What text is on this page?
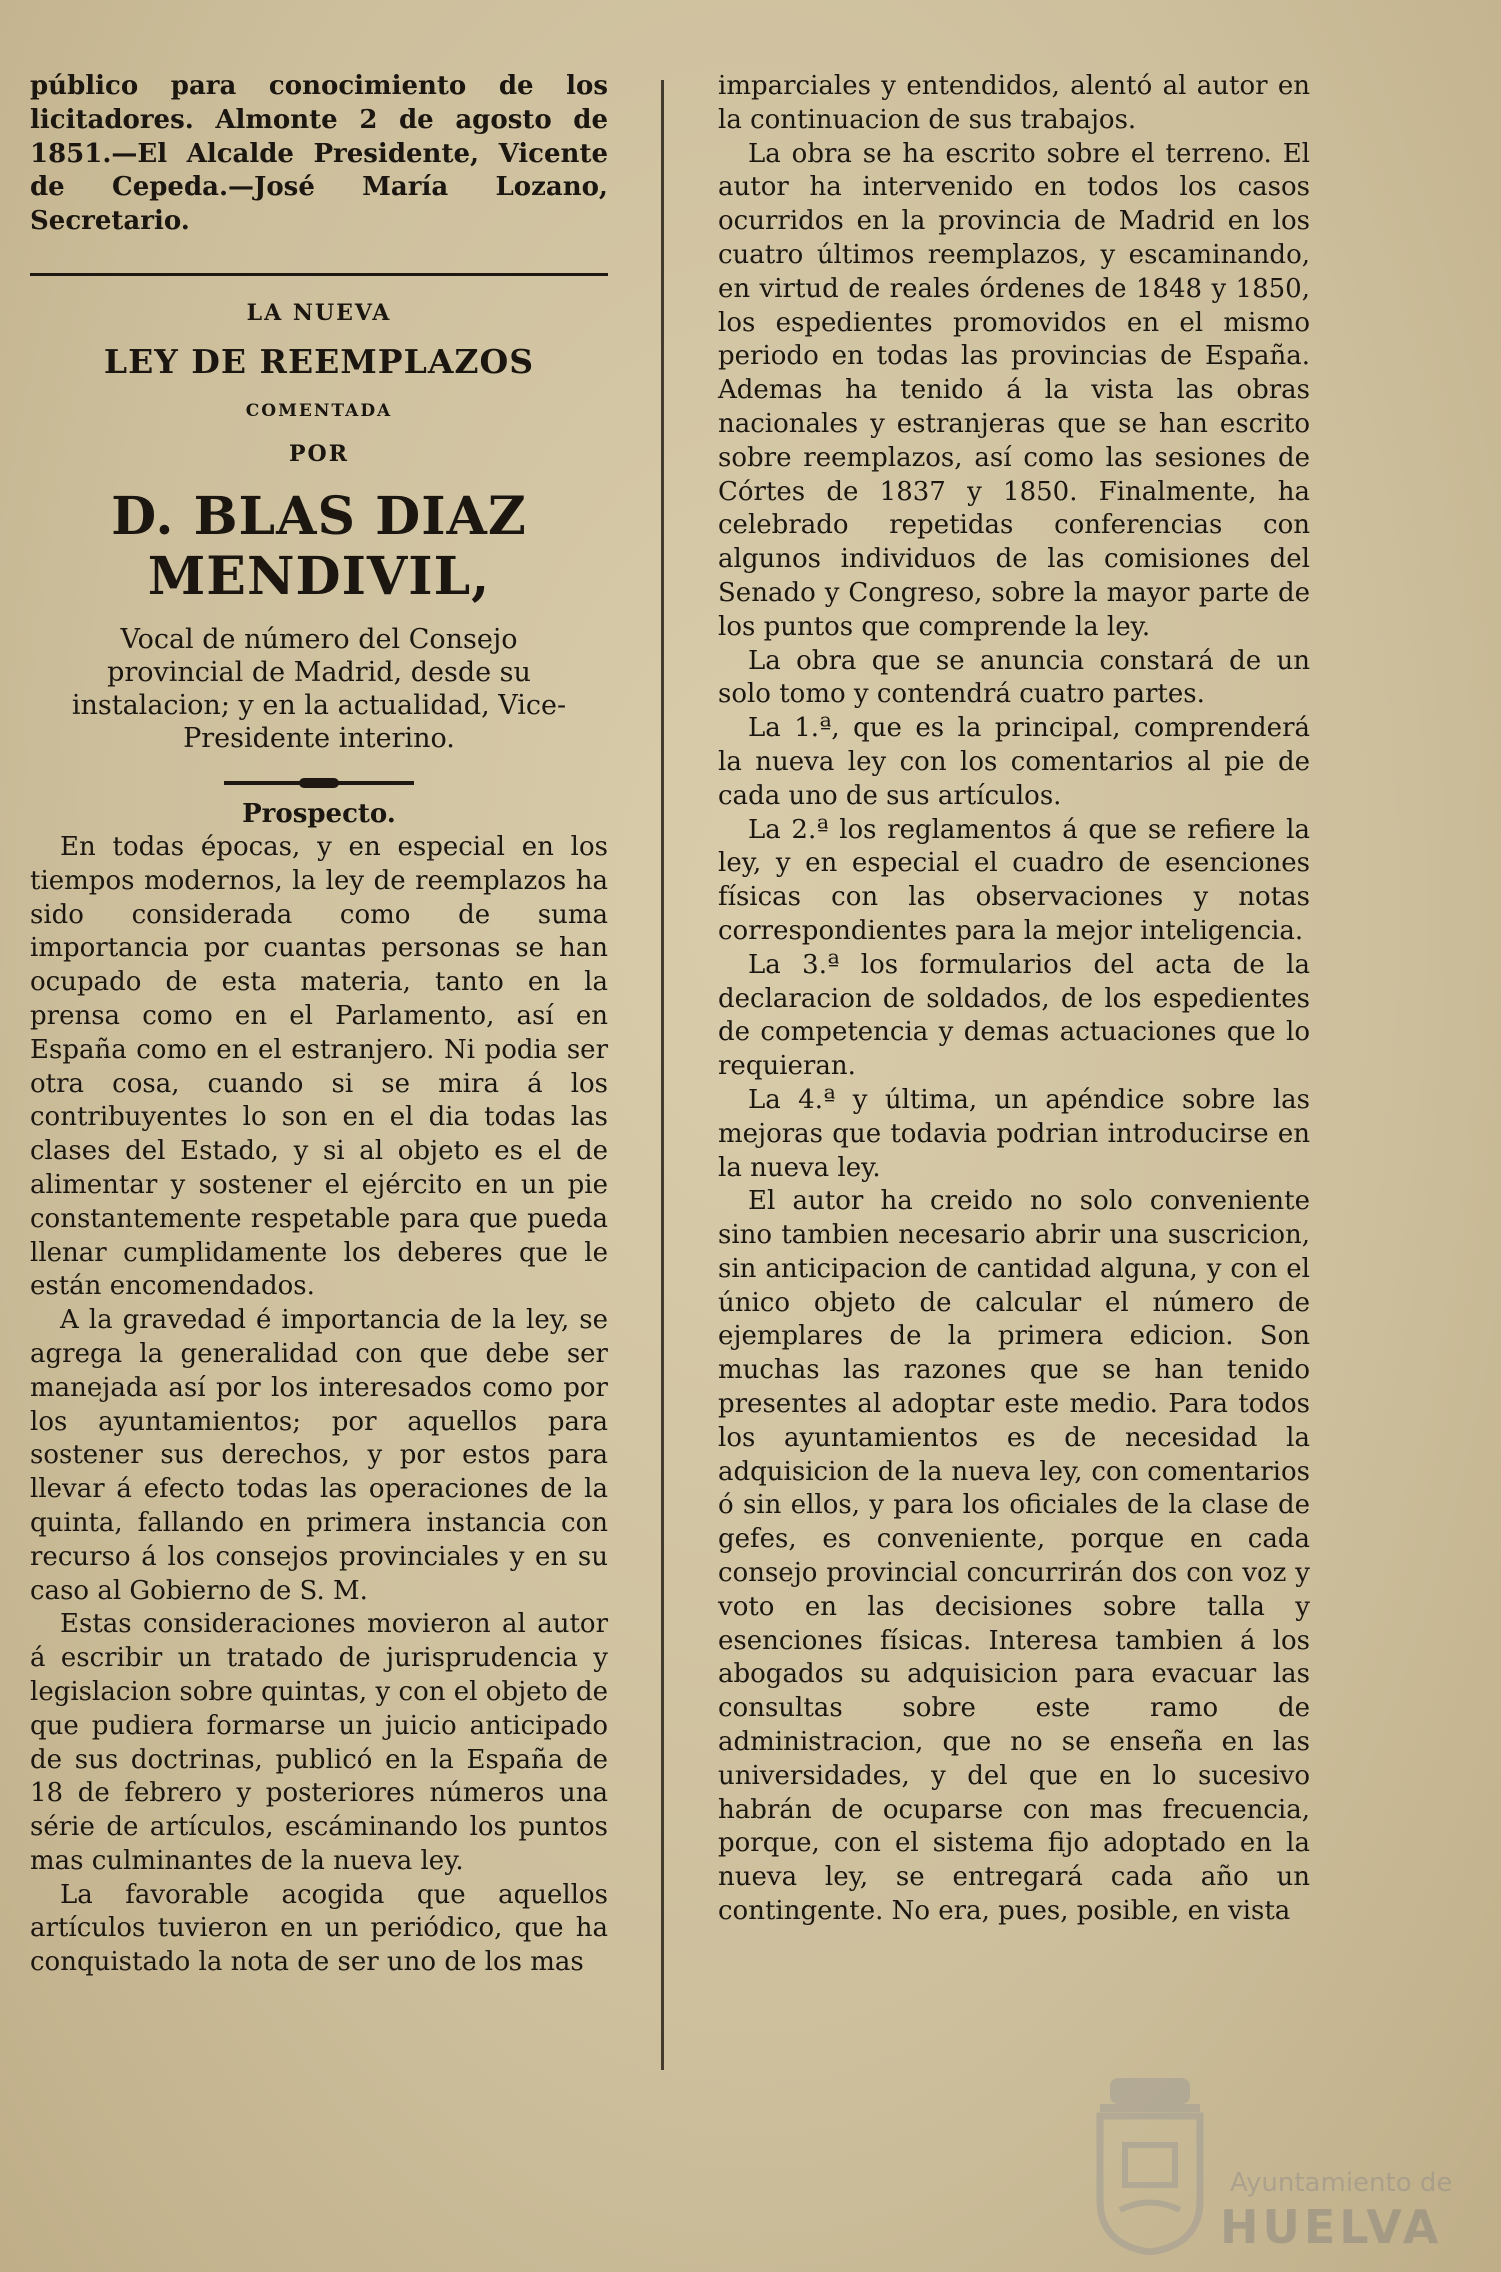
público para conocimiento de los licitadores. Almonte 2 de agosto de 1851.—El Alcalde Presidente, Vicente de Cepeda.—José María Lozano, Secretario.

LA NUEVA

LEY DE REEMPLAZOS

COMENTADA

POR

D. BLAS DIAZ MENDIVIL,

Vocal de número del Consejo provincial de Madrid, desde su instalacion; y en la actualidad, Vice-Presidente interino.

Prospecto.

En todas épocas, y en especial en los tiempos modernos, la ley de reemplazos ha sido considerada como de suma importancia por cuantas personas se han ocupado de esta materia, tanto en la prensa como en el Parlamento, así en España como en el estranjero. Ni podia ser otra cosa, cuando si se mira á los contribuyentes lo son en el dia todas las clases del Estado, y si al objeto es el de alimentar y sostener el ejército en un pie constantemente respetable para que pueda llenar cumplidamente los deberes que le están encomendados.

A la gravedad é importancia de la ley, se agrega la generalidad con que debe ser manejada así por los interesados como por los ayuntamientos; por aquellos para sostener sus derechos, y por estos para llevar á efecto todas las operaciones de la quinta, fallando en primera instancia con recurso á los consejos provinciales y en su caso al Gobierno de S. M.

Estas consideraciones movieron al autor á escribir un tratado de jurisprudencia y legislacion sobre quintas, y con el objeto de que pudiera formarse un juicio anticipado de sus doctrinas, publicó en la España de 18 de febrero y posteriores números una série de artículos, escáminando los puntos mas culminantes de la nueva ley.

La favorable acogida que aquellos artículos tuvieron en un periódico, que ha conquistado la nota de ser uno de los mas

imparciales y entendidos, alentó al autor en la continuacion de sus trabajos.

La obra se ha escrito sobre el terreno. El autor ha intervenido en todos los casos ocurridos en la provincia de Madrid en los cuatro últimos reemplazos, y escaminando, en virtud de reales órdenes de 1848 y 1850, los espedientes promovidos en el mismo periodo en todas las provincias de España. Ademas ha tenido á la vista las obras nacionales y estranjeras que se han escrito sobre reemplazos, así como las sesiones de Córtes de 1837 y 1850. Finalmente, ha celebrado repetidas conferencias con algunos individuos de las comisiones del Senado y Congreso, sobre la mayor parte de los puntos que comprende la ley.

La obra que se anuncia constará de un solo tomo y contendrá cuatro partes.

La 1.ª, que es la principal, comprenderá la nueva ley con los comentarios al pie de cada uno de sus artículos.

La 2.ª los reglamentos á que se refiere la ley, y en especial el cuadro de esenciones físicas con las observaciones y notas correspondientes para la mejor inteligencia.

La 3.ª los formularios del acta de la declaracion de soldados, de los espedientes de competencia y demas actuaciones que lo requieran.

La 4.ª y última, un apéndice sobre las mejoras que todavia podrian introducirse en la nueva ley.

El autor ha creido no solo conveniente sino tambien necesario abrir una suscricion, sin anticipacion de cantidad alguna, y con el único objeto de calcular el número de ejemplares de la primera edicion. Son muchas las razones que se han tenido presentes al adoptar este medio. Para todos los ayuntamientos es de necesidad la adquisicion de la nueva ley, con comentarios ó sin ellos, y para los oficiales de la clase de gefes, es conveniente, porque en cada consejo provincial concurrirán dos con voz y voto en las decisiones sobre talla y esenciones físicas. Interesa tambien á los abogados su adquisicion para evacuar las consultas sobre este ramo de administracion, que no se enseña en las universidades, y del que en lo sucesivo habrán de ocuparse con mas frecuencia, porque, con el sistema fijo adoptado en la nueva ley, se entregará cada año un contingente. No era, pues, posible, en vista

Ayuntamiento de
HUELVA
